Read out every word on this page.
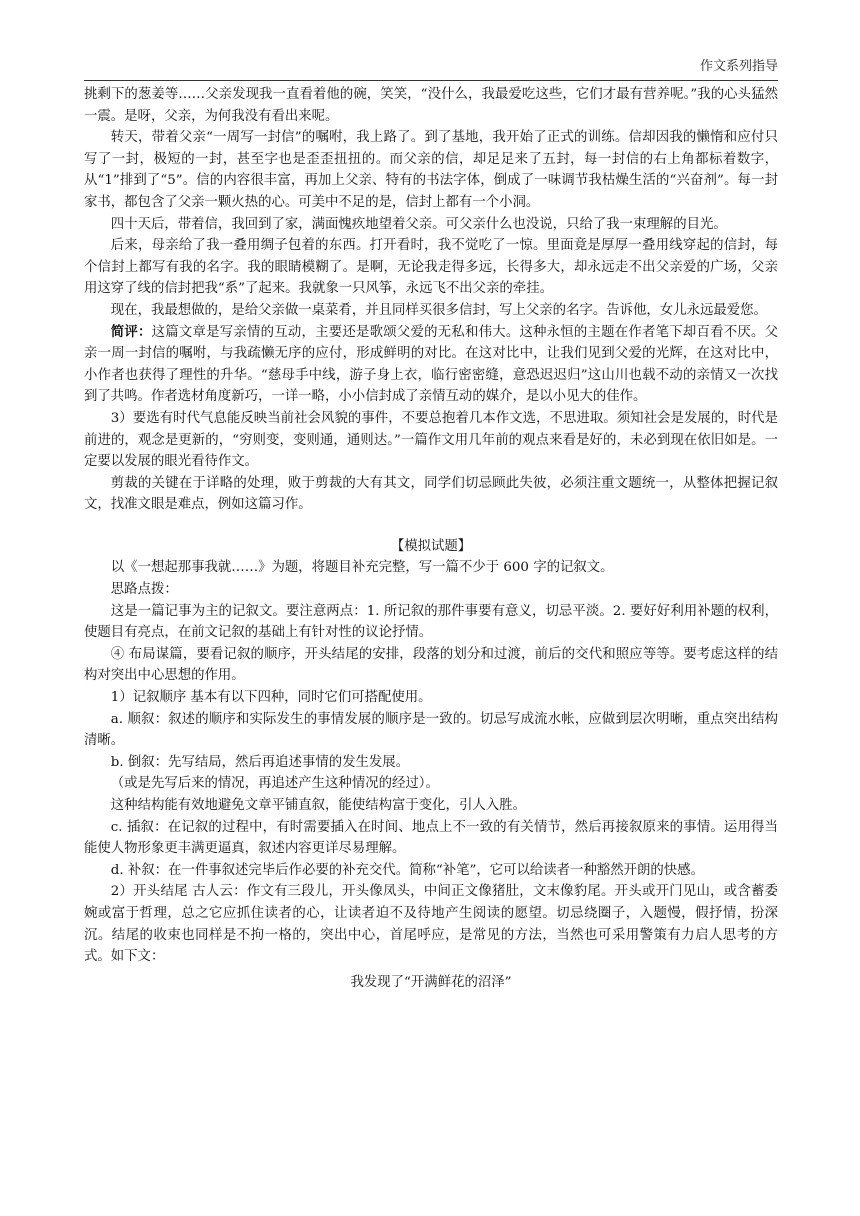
作文系列指导

挑剩下的葱姜等……父亲发现我一直看着他的碗，笑笑，“没什么，我最爱吃这些，它们才最有营养呢。”我的心头猛然一震。是呀，父亲，为何我没有看出来呢。

转天，带着父亲“一周写一封信”的嘱咐，我上路了。到了基地，我开始了正式的训练。信却因我的懒惰和应付只写了一封，极短的一封，甚至字也是歪歪扭扭的。而父亲的信，却足足来了五封，每一封信的右上角都标着数字，从“1”排到了“5”。信的内容很丰富，再加上父亲、特有的书法字体，倒成了一味调节我枯燥生活的“兴奋剂”。每一封家书，都包含了父亲一颗火热的心。可美中不足的是，信封上都有一个小洞。

四十天后，带着信，我回到了家，满面愧疚地望着父亲。可父亲什么也没说，只给了我一束理解的目光。

后来，母亲给了我一叠用绸子包着的东西。打开看时，我不觉吃了一惊。里面竟是厚厚一叠用线穿起的信封，每个信封上都写有我的名字。我的眼睛模糊了。是啊，无论我走得多远，长得多大，却永远走不出父亲爱的广场，父亲用这穿了线的信封把我“系”了起来。我就象一只风筝，永远飞不出父亲的牵挂。

现在，我最想做的，是给父亲做一桌菜肴，并且同样买很多信封，写上父亲的名字。告诉他，女儿永远最爱您。

简评：这篇文章是写亲情的互动，主要还是歌颂父爱的无私和伟大。这种永恒的主题在作者笔下却百看不厌。父亲一周一封信的嘱咐，与我疏懒无序的应付，形成鲜明的对比。在这对比中，让我们见到父爱的光辉，在这对比中，小作者也获得了理性的升华。“慈母手中线，游子身上衣，临行密密缝，意恐迟迟归”这山川也载不动的亲情又一次找到了共鸣。作者选材角度新巧，一详一略，小小信封成了亲情互动的媒介，是以小见大的佳作。

3）要选有时代气息能反映当前社会风貌的事件，不要总抱着几本作文选，不思进取。须知社会是发展的，时代是前进的，观念是更新的，“穷则变，变则通，通则达。”一篇作文用几年前的观点来看是好的，未必到现在依旧如是。一定要以发展的眼光看待作文。

剪裁的关键在于详略的处理，败于剪裁的大有其文，同学们切忌顾此失彼，必须注重文题统一，从整体把握记叙文，找准文眼是难点，例如这篇习作。

【模拟试题】

以《一想起那事我就……》为题，将题目补充完整，写一篇不少于 600 字的记叙文。

思路点拨：

这是一篇记事为主的记叙文。要注意两点：1. 所记叙的那件事要有意义，切忌平淡。2. 要好好利用补题的权利，使题目有亮点，在前文记叙的基础上有针对性的议论抒情。

④ 布局谋篇，要看记叙的顺序，开头结尾的安排，段落的划分和过渡，前后的交代和照应等等。要考虑这样的结构对突出中心思想的作用。

1）记叙顺序 基本有以下四种，同时它们可搭配使用。

a. 顺叙：叙述的顺序和实际发生的事情发展的顺序是一致的。切忌写成流水帐，应做到层次明晰，重点突出结构清晰。

b. 倒叙：先写结局，然后再追述事情的发生发展。

（或是先写后来的情况，再追述产生这种情况的经过）。

这种结构能有效地避免文章平铺直叙，能使结构富于变化，引人入胜。

c. 插叙：在记叙的过程中，有时需要插入在时间、地点上不一致的有关情节，然后再接叙原来的事情。运用得当能使人物形象更丰满更逼真，叙述内容更详尽易理解。

d. 补叙：在一件事叙述完毕后作必要的补充交代。简称“补笔”，它可以给读者一种豁然开朗的快感。

2）开头结尾 古人云：作文有三段儿，开头像凤头，中间正文像猪肚，文末像豹尾。开头或开门见山，或含蓄委婉或富于哲理，总之它应抓住读者的心，让读者迫不及待地产生阅读的愿望。切忌绕圈子，入题慢，假抒情，扮深沉。结尾的收束也同样是不拘一格的，突出中心，首尾呼应，是常见的方法，当然也可采用警策有力启人思考的方式。如下文：

我发现了“开满鲜花的沼泽”
